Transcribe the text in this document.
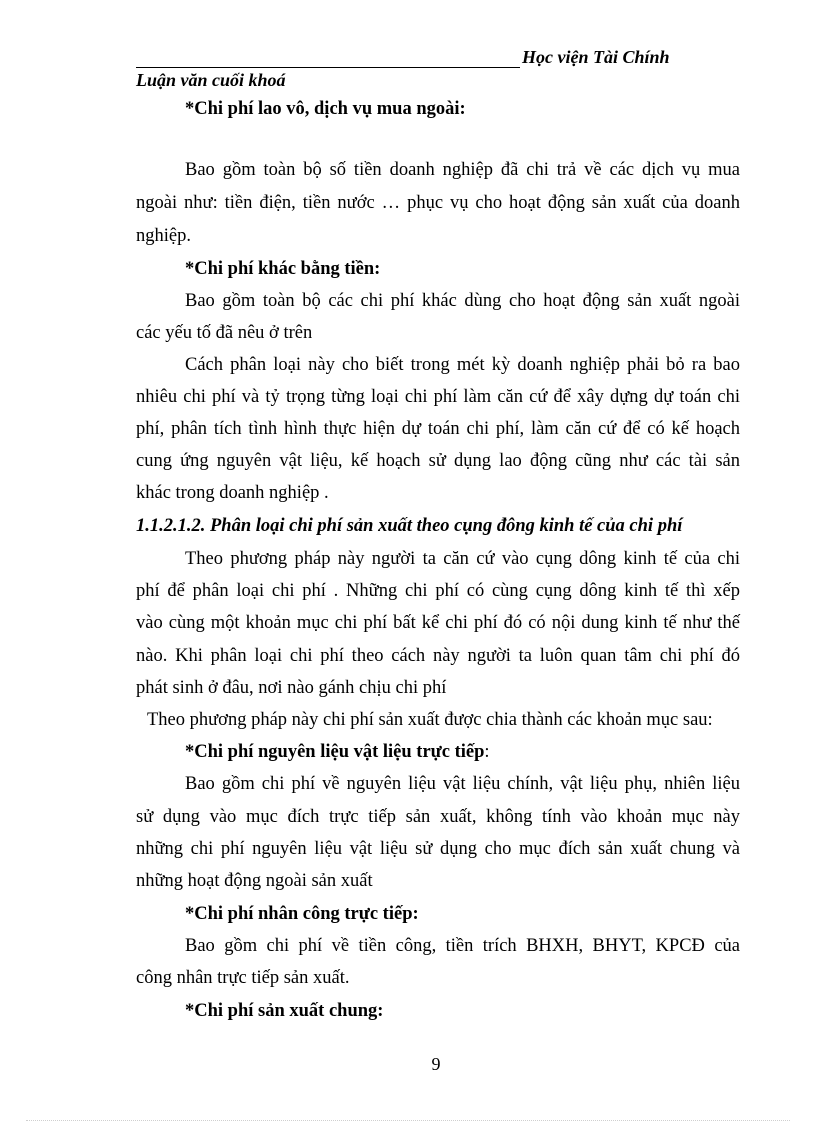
Học viện Tài Chính
Luận văn cuối khoá
*Chi phí lao vô, dịch vụ mua ngoài:
Bao gồm toàn bộ số tiền doanh nghiệp đã chi trả về các dịch vụ mua
ngoài như: tiền điện, tiền nước … phục vụ cho hoạt động sản xuất của doanh
nghiệp.
*Chi phí khác bằng tiền:
Bao gồm toàn bộ các chi phí khác dùng cho hoạt động sản xuất ngoài
các yếu tố đã nêu ở trên
Cách phân loại này cho biết trong mét kỳ doanh nghiệp phải bỏ ra bao
nhiêu chi phí và tỷ trọng từng loại chi phí làm căn cứ để xây dựng dự toán chi
phí, phân tích tình hình thực hiện dự toán chi phí, làm căn cứ để có kế hoạch
cung ứng nguyên vật liệu, kế hoạch sử dụng lao động cũng như các tài sản
khác trong doanh nghiệp .
1.1.2.1.2. Phân loại chi phí sản xuất theo cụng đông kinh tế của chi phí
Theo phương pháp này người ta căn cứ vào cụng dông kinh tế của chi
phí để phân loại chi phí . Những chi phí có cùng cụng dông kinh tế thì xếp
vào cùng một khoản mục chi phí bất kể chi phí đó có nội dung kinh tế như thế
nào. Khi phân loại chi phí theo cách này người ta luôn quan tâm chi phí đó
phát sinh ở đâu, nơi nào gánh chịu chi phí
Theo phương pháp này chi phí sản xuất được chia thành các khoản mục sau:
*Chi phí nguyên liệu vật liệu trực tiếp:
Bao gồm chi phí về nguyên liệu vật liệu chính, vật liệu phụ, nhiên liệu
sử dụng vào mục đích trực tiếp sản xuất, không tính vào khoản mục này
những chi phí nguyên liệu vật liệu sử dụng cho mục đích sản xuất chung và
những hoạt động ngoài sản xuất
*Chi phí nhân công trực tiếp:
Bao gồm chi phí về tiền công, tiền trích BHXH, BHYT, KPCĐ của
công nhân trực tiếp sản xuất.
*Chi phí sản xuất chung:
9
